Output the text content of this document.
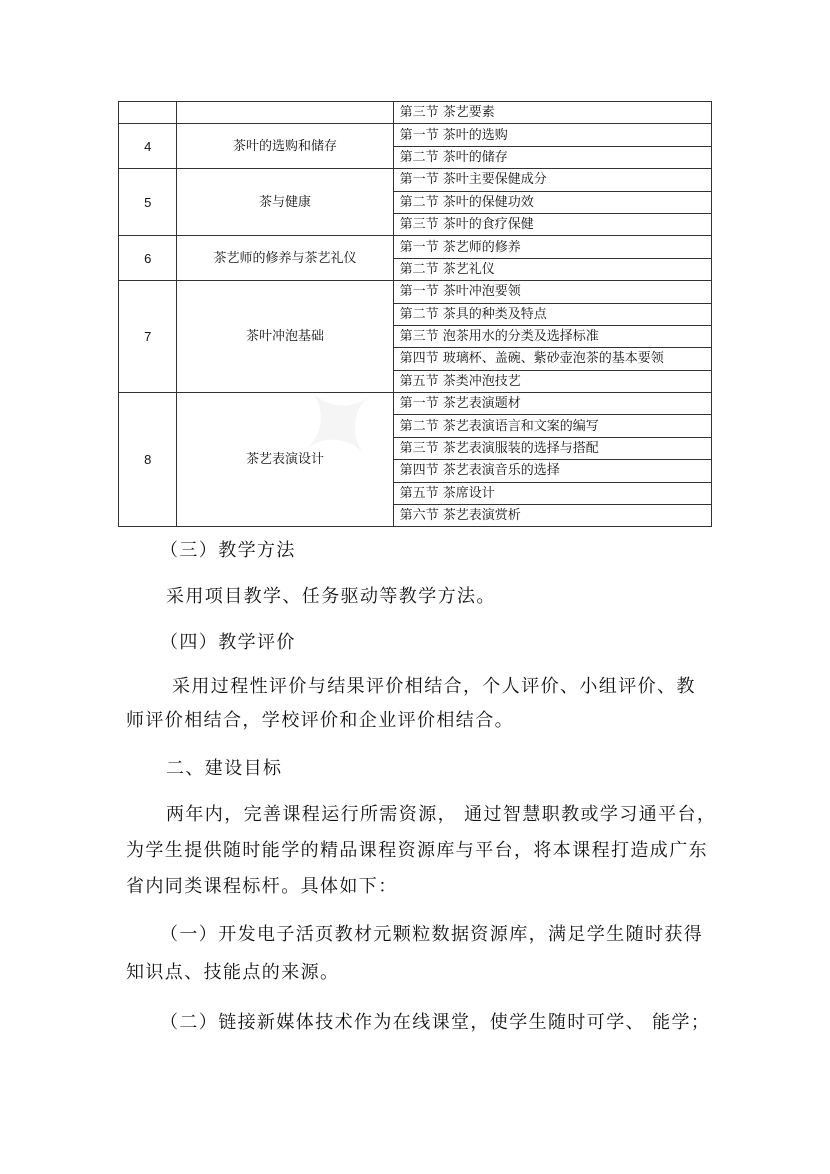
		第三节 茶艺要素
4	茶叶的选购和储存	第一节 茶叶的选购
		第二节 茶叶的储存
5	茶与健康	第一节 茶叶主要保健成分
		第二节 茶叶的保健功效
		第三节 茶叶的食疗保健
6	茶艺师的修养与茶艺礼仪	第一节 茶艺师的修养
		第二节 茶艺礼仪
7	茶叶冲泡基础	第一节 茶叶冲泡要领
		第二节 茶具的种类及特点
		第三节 泡茶用水的分类及选择标准
		第四节 玻璃杯、盖碗、紫砂壶泡茶的基本要领
		第五节 茶类冲泡技艺
8	茶艺表演设计	第一节 茶艺表演题材
		第二节 茶艺表演语言和文案的编写
		第三节 茶艺表演服装的选择与搭配
		第四节 茶艺表演音乐的选择
		第五节 茶席设计
		第六节 茶艺表演赏析
（三）教学方法
采用项目教学、任务驱动等教学方法。
（四）教学评价
采用过程性评价与结果评价相结合，个人评价、小组评价、教
师评价相结合，学校评价和企业评价相结合。
二、建设目标
两年内，完善课程运行所需资源， 通过智慧职教或学习通平台，
为学生提供随时能学的精品课程资源库与平台，将本课程打造成广东
省内同类课程标杆。具体如下：
（一）开发电子活页教材元颗粒数据资源库，满足学生随时获得
知识点、技能点的来源。
（二）链接新媒体技术作为在线课堂，使学生随时可学、 能学；
